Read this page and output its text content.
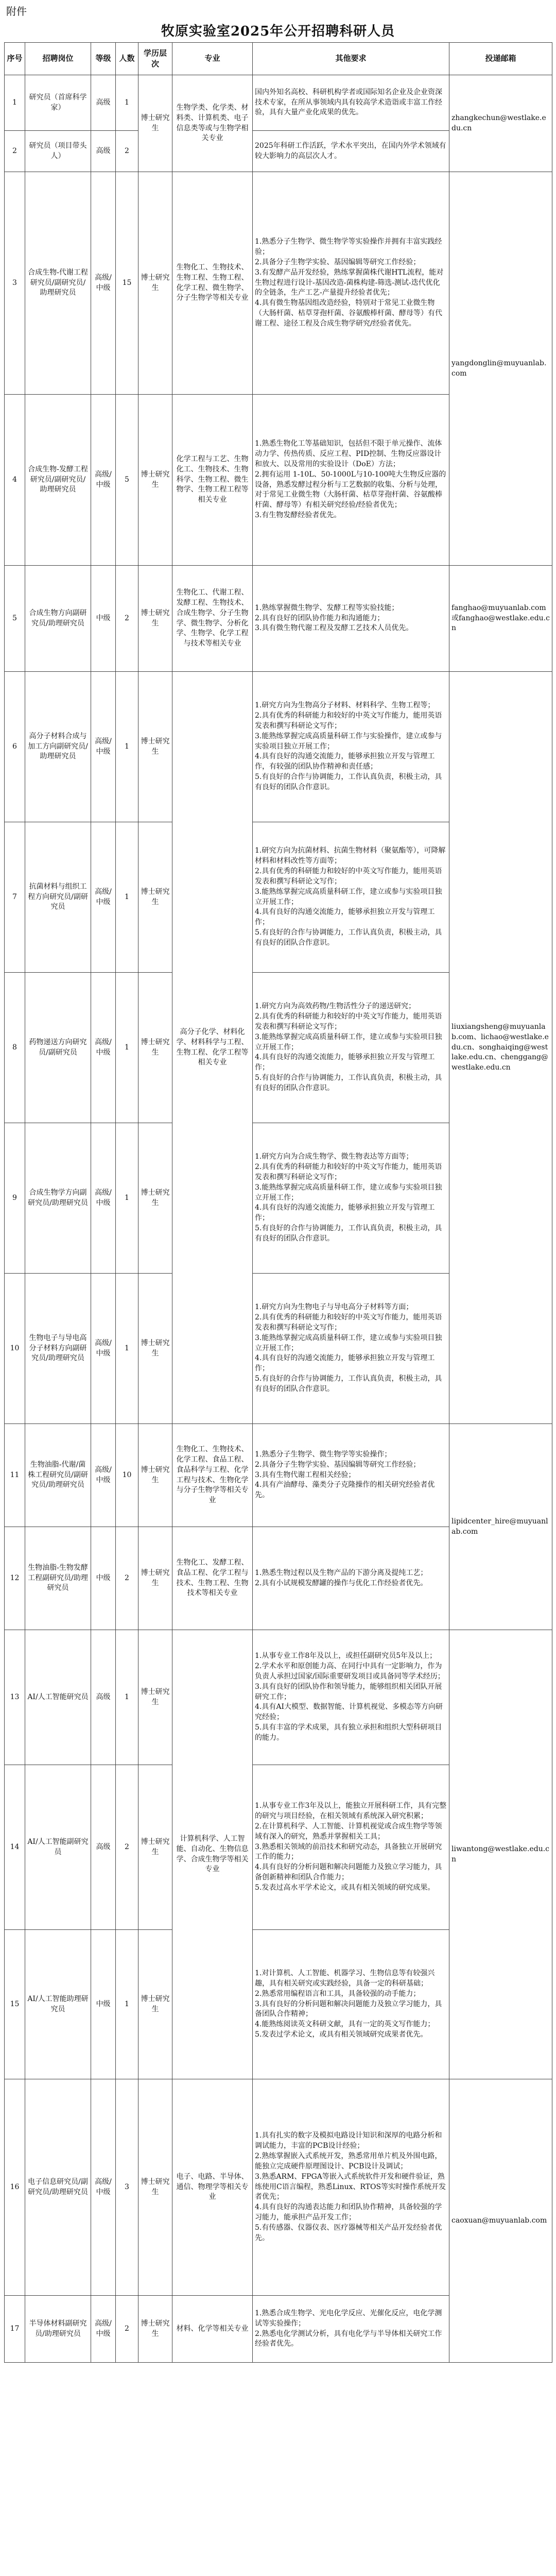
附件
牧原实验室2025年公开招聘科研人员
序号	招聘岗位	等级	人数	学历层次	专业	其他要求	投递邮箱
1	研究员（首席科学家）	高级	1	博士研究生	生物学类、化学类、材料类、计算机类、电子信息类等或与生物学相关专业	国内外知名高校、科研机构学者或国际知名企业及企业资深技术专家，在所从事领域内具有较高学术造诣或丰富工作经验，具有大量产业化成果的优先。	zhangkechun@westlake.edu.cn
2	研究员（项目带头人）	高级	2			2025年科研工作活跃，学术水平突出，在国内外学术领域有较大影响力的高层次人才。	
3	合成生物-代谢工程研究员/副研究员/助理研究员	高级/中级	15	博士研究生	生物化工、生物技术、生物工程、生物工程、化学工程、微生物学、分子生物学等相关专业	1.熟悉分子生物学、微生物学等实验操作并拥有丰富实践经验；
2.具备分子生物学实验、基因编辑等研究工作经验；
3.有发酵产品开发经验，熟练掌握菌株代谢HTL流程，能对生物过程进行设计-基因改造-菌株构建-筛选-测试-迭代优化的全链条，生产工艺-产量提升经验者优先；
4.具有微生物基因组改造经验，特别对于常见工业微生物（大肠杆菌、枯草芽孢杆菌、谷氨酸棒杆菌、酵母等）有代谢工程、途径工程及合成生物学研究/经验者优先。	yangdonglin@muyuanlab.com
4	合成生物-发酵工程研究员/副研究员/助理研究员	高级/中级	5	博士研究生	化学工程与工艺、生物化工、生物技术、生物科学、生物工程、微生物学、生物工程工程等相关专业	1.熟悉生物化工等基础知识，包括但不限于单元操作、流体动力学、传热传质、反应工程、PID控制、生物反应器设计和放大、以及常用的实验设计（DoE）方法；
2.拥有运用 1-10L、50-1000L与10-100吨大生物反应器的设备，熟悉发酵过程分析与工艺数据的收集、分析与处理，对于常见工业微生物（大肠杆菌、枯草芽孢杆菌、谷氨酸棒杆菌、酵母等）有相关研究经验/经验者优先；
3.有生物发酵经验者优先。	

5	合成生物方向副研究员/助理研究员	中级	2	博士研究生	生物化工、代谢工程、发酵工程、生物技术、合成生物学、分子生物学、微生物学、分析化学、生物学、化学工程与技术等相关专业	1.熟练掌握微生物学、发酵工程等实验技能；
2.具有良好的团队协作能力和沟通能力；
3.具有微生物代谢工程及发酵工艺技术人员优先。	fanghao@muyuanlab.com或fanghao@westlake.edu.cn
6	高分子材料合成与加工方向副研究员/助理研究员	高级/中级	1	博士研究生	高分子化学、材料化学、材料科学与工程、生物工程、化学工程等相关专业	1.研究方向为生物高分子材料、材料科学、生物工程等；
2.具有优秀的科研能力和较好的中英文写作能力，能用英语发表和撰写科研论文写作；
3.能熟练掌握完成高质量科研工作与实验操作，建立或参与实验项目独立开展工作；
4.具有良好的沟通交流能力，能够承担独立开发与管理工作，有较强的团队协作精神和责任感；
5.有良好的合作与协调能力，工作认真负责，积极主动，具有良好的团队合作意识。	liuxiangsheng@muyuanlab.com、lichao@westlake.edu.cn、songhaiqing@westlake.edu.cn、chenggang@westlake.edu.cn
7	抗菌材料与组织工程方向研究员/副研究员	高级/中级	1	博士研究生		1.研究方向为抗菌材料、抗菌生物材料（聚氨酯等），可降解材料和材料改性等方面等；
2.具有优秀的科研能力和较好的中英文写作能力，能用英语发表和撰写科研论文写作；
3.能熟练掌握完成高质量科研工作，建立或参与实验项目独立开展工作；
4.具有良好的沟通交流能力，能够承担独立开发与管理工作；
5.有良好的合作与协调能力，工作认真负责，积极主动，具有良好的团队合作意识。	

8	药物递送方向研究员/副研究员	高级/中级	1	博士研究生		1.研究方向为高效药物/生物活性分子的递送研究；
2.具有优秀的科研能力和较好的中英文写作能力，能用英语发表和撰写科研论文写作；
3.能熟练掌握完成高质量科研工作，建立或参与实验项目独立开展工作；
4.具有良好的沟通交流能力，能够承担独立开发与管理工作；
5.有良好的合作与协调能力，工作认真负责，积极主动，具有良好的团队合作意识。	

9	合成生物学方向副研究员/助理研究员	高级/中级	1	博士研究生		1.研究方向为合成生物学、微生物表达等方面等；
2.具有优秀的科研能力和较好的中英文写作能力，能用英语发表和撰写科研论文写作；
3.能熟练掌握完成高质量科研工作，建立或参与实验项目独立开展工作；
4.具有良好的沟通交流能力，能够承担独立开发与管理工作；
5.有良好的合作与协调能力，工作认真负责，积极主动，具有良好的团队合作意识。	

10	生物电子与导电高分子材料方向副研究员/助理研究员	高级/中级	1	博士研究生		1.研究方向为生物电子与导电高分子材料等方面；
2.具有优秀的科研能力和较好的中英文写作能力，能用英语发表和撰写科研论文写作；
3.能熟练掌握完成高质量科研工作，建立或参与实验项目独立开展工作；
4.具有良好的沟通交流能力，能够承担独立开发与管理工作；
5.有良好的合作与协调能力，工作认真负责，积极主动，具有良好的团队合作意识。	

11	生物油脂-代谢/菌株工程研究员/副研究员/助理研究员	高级/中级	10	博士研究生	生物化工、生物技术、化学工程、食品工程、食品科学与工程、化学工程与技术、生物化学与分子生物学等相关专业	1.熟悉分子生物学、微生物学等实验操作；
2.具备分子生物学实验、基因编辑等研究工作经验；
3.具有生物代谢工程相关经验；
4.具有产油酵母、藻类分子克隆操作的相关研究经验者优先。	lipidcenter_hire@muyuanlab.com
12	生物油脂-生物发酵工程副研究员/助理研究员	中级	2	博士研究生	生物化工、发酵工程、食品工程、化学工程与技术、生物工程、生物技术等相关专业	1.熟悉生物过程以及生物产品的下游分离及提纯工艺；
2.具有小试规模发酵罐的操作与优化工作经验者优先。	

13	AI/人工智能研究员	高级	1	博士研究生	计算机科学、人工智能、自动化、生物信息学、合成生物学等相关专业	1.从事专业工作8年及以上，或担任副研究员5年及以上；
2.学术水平和原创能力高、在同行中具有一定影响力，作为负责人承担过国家/国际重要研发项目或具备同等学术经历；
3.具有良好的团队协作和领导能力，能够组织相关团队开展研究工作；
4.具有AI大模型、数据智能、计算机视觉、多模态等方向研究经验；
5.具有丰富的学术成果，具有独立承担和组织大型科研项目的能力。	liwantong@westlake.edu.cn
14	AI/人工智能副研究员	高级	2	博士研究生		1.从事专业工作3年及以上，能独立开展科研工作，具有完整的研究与项目经验，在相关领域有系统深入研究积累；
2.在计算机科学、人工智能、计算机视觉或合成生物学等领域有深入的研究，熟悉并掌握相关工具；
3.熟悉相关领域的前沿技术和研究动态，具备独立开展研究工作的能力；
4.具有良好的分析问题和解决问题能力及独立学习能力，具备创新精神和团队合作能力；
5.发表过高水平学术论文，或具有相关领域的研究成果。	

15	AI/人工智能助理研究员	中级	1	博士研究生		1.对计算机、人工智能、机器学习、生物信息等有较强兴趣，具有相关研究或实践经验，具备一定的科研基础；
2.熟悉常用编程语言和工具，具备较强的动手能力；
3.具有良好的分析问题和解决问题能力及独立学习能力，具备团队合作精神；
4.能熟练阅读英文科研文献，具有一定的英文写作能力；
5.发表过学术论文，或具有相关领域研究成果者优先。	

16	电子信息研究员/副研究员/助理研究员	高级/中级	3	博士研究生	电子、电路、半导体、通信、物理学等相关专业	1.具有扎实的数字及模拟电路设计知识和深厚的电路分析和调试能力，丰富的PCB设计经验；
2.熟练掌握嵌入式系统开发，熟悉常用单片机及外围电路，能独立完成硬件原理图设计、PCB设计及调试；
3.熟悉ARM、FPGA等嵌入式系统软件开发和硬件验证，熟练使用C语言编程，熟悉Linux、RTOS等实时操作系统开发者优先；
4.具有良好的沟通表达能力和团队协作精神，具备较强的学习能力，能承担产品开发工作；
5.有传感器、仪器仪表、医疗器械等相关产品开发经验者优先。	caoxuan@muyuanlab.com
17	半导体材料副研究员/助理研究员	高级/中级	2	博士研究生	材料、化学等相关专业	1.熟悉合成生物学、光电化学反应、光催化反应，电化学测试等实验操作；
2.熟悉电化学测试分析，具有电化学与半导体相关研究工作经验者优先。	
